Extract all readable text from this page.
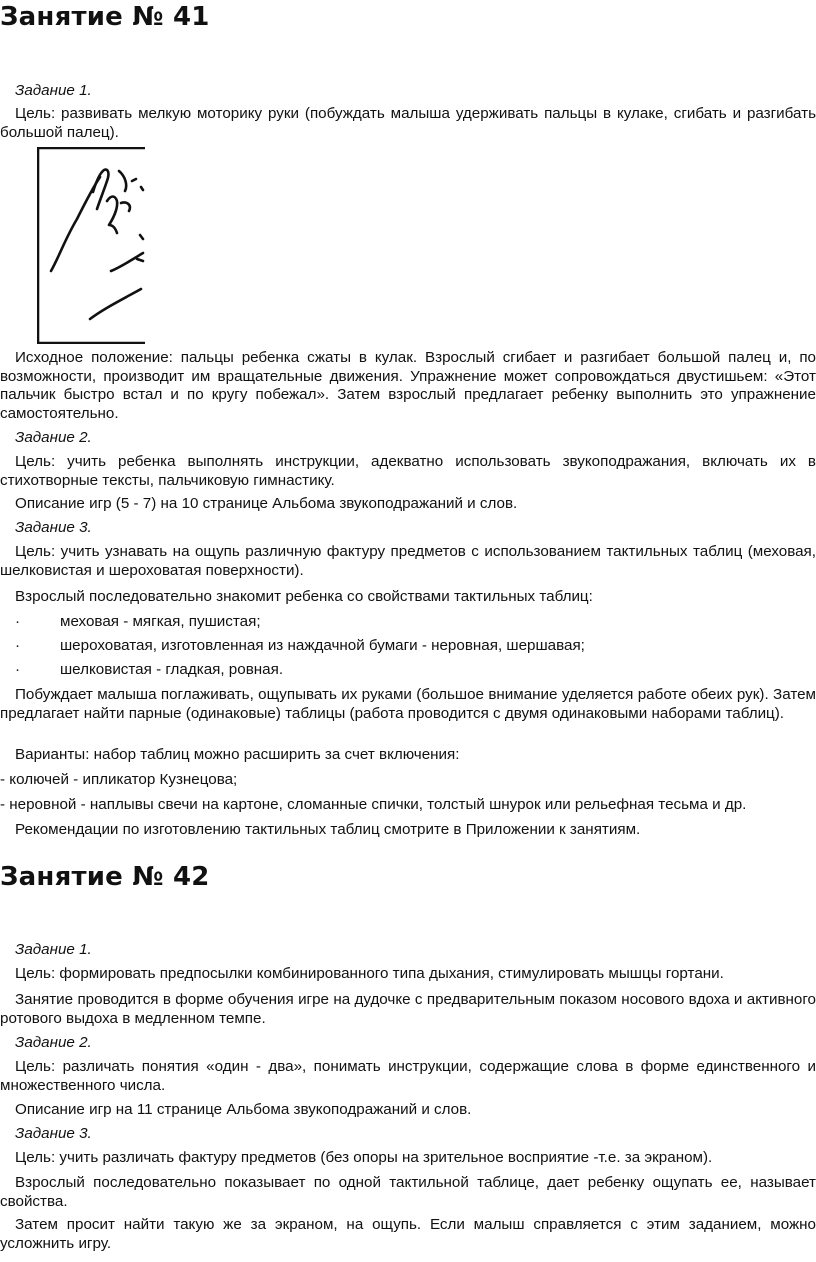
Занятие № 41
Задание 1.
Цель: развивать мелкую моторику руки (побуждать малыша удерживать пальцы в кулаке, сгибать и разгибать большой палец).
Исходное положение: пальцы ребенка сжаты в кулак. Взрослый сгибает и разгибает большой палец и, по возможности, производит им вращательные движения. Упражнение может сопровождаться двустишьем: «Этот пальчик быстро встал и по кругу побежал». Затем взрослый предлагает ребенку выполнить это упражнение самостоятельно.
Задание 2.
Цель: учить ребенка выполнять инструкции, адекватно использовать звукоподражания, включать их в стихотворные тексты, пальчиковую гимнастику.
Описание игр (5 - 7) на 10 странице Альбома звукоподражаний и слов.
Задание 3.
Цель: учить узнавать на ощупь различную фактуру предметов с использованием тактильных таблиц (меховая, шелковистая и шероховатая поверхности).
Взрослый последовательно знакомит ребенка со свойствами тактильных таблиц:
·	меховая - мягкая, пушистая;
·	шероховатая, изготовленная из наждачной бумаги - неровная, шершавая;
·	шелковистая - гладкая, ровная.
Побуждает малыша поглаживать, ощупывать их руками (большое внимание уделяется работе обеих рук). Затем предлагает найти парные (одинаковые) таблицы (работа проводится с двумя одинаковыми наборами таблиц).
Варианты: набор таблиц можно расширить за счет включения:
- колючей - ипликатор Кузнецова;
- неровной - наплывы свечи на картоне, сломанные спички, толстый шнурок или рельефная тесьма и др.
Рекомендации по изготовлению тактильных таблиц смотрите в Приложении к занятиям.
Занятие № 42
Задание 1.
Цель: формировать предпосылки комбинированного типа дыхания, стимулировать мышцы гортани.
Занятие проводится в форме обучения игре на дудочке с предварительным показом носового вдоха и активного ротового выдоха в медленном темпе.
Задание 2.
Цель: различать понятия «один - два», понимать инструкции, содержащие слова в форме единственного и множественного числа.
Описание игр на 11 странице Альбома звукоподражаний и слов.
Задание 3.
Цель: учить различать фактуру предметов (без опоры на зрительное восприятие -т.е. за экраном).
Взрослый последовательно показывает по одной тактильной таблице, дает ребенку ощупать ее, называет свойства.
Затем просит найти такую же за экраном, на ощупь. Если малыш справляется с этим заданием, можно усложнить игру.
